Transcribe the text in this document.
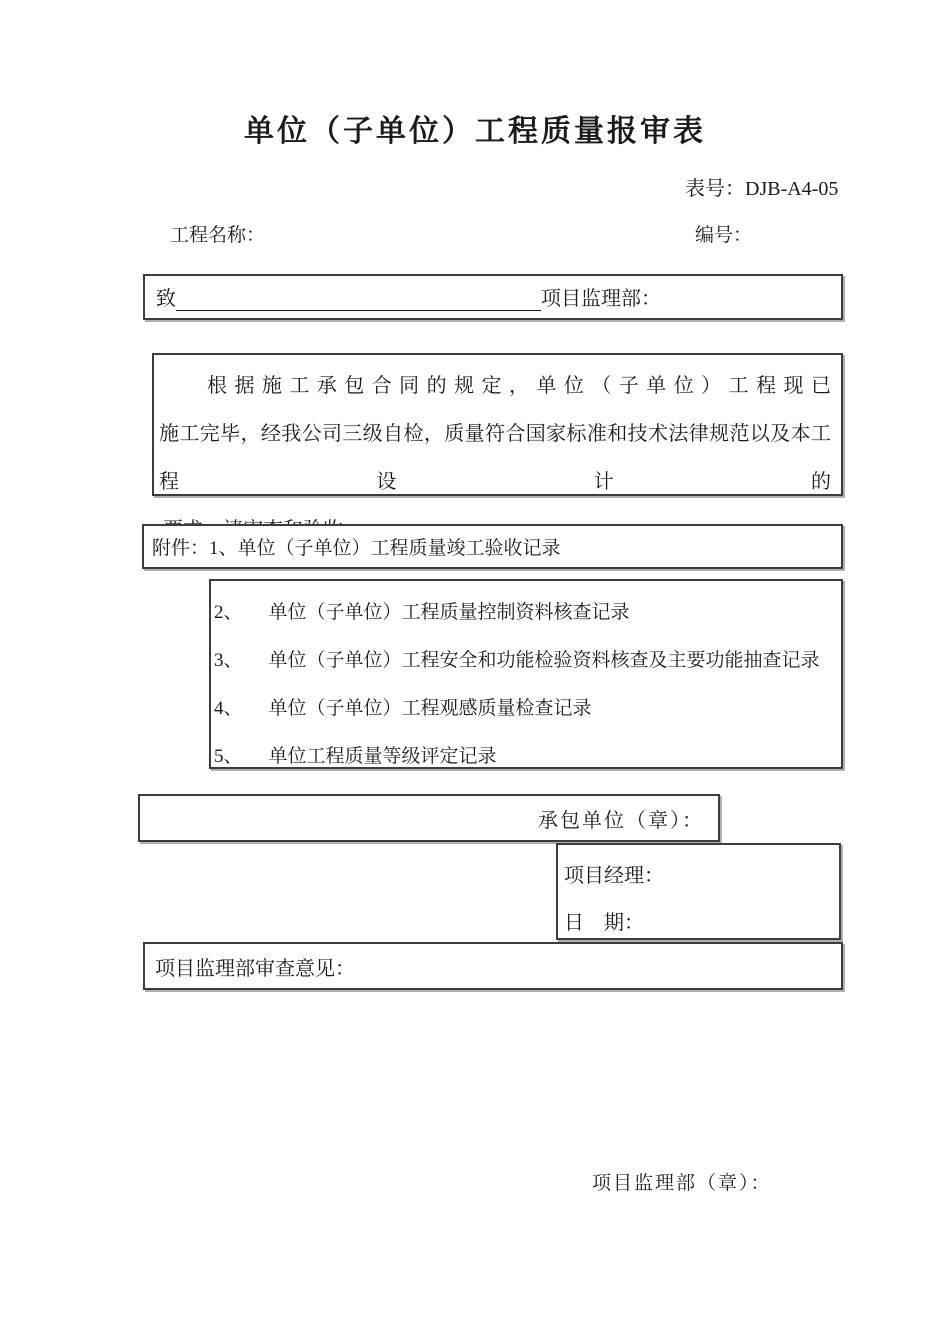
单位（子单位）工程质量报审表
表号：DJB-A4-05
工程名称：	编号：
致	项目监理部：
根 据 施 工 承 包 合 同 的 规 定 ， 单 位 （ 子 单 位 ） 工 程 现 已
施工完毕，经我公司三级自检，质量符合国家标准和技术法律规范以及本工程设计的
附件：1、单位（子单位）工程质量竣工验收记录
2、 单位（子单位）工程质量控制资料核查记录
3、 单位（子单位）工程安全和功能检验资料核查及主要功能抽查记录
4、 单位（子单位）工程观感质量检查记录
5、 单位工程质量等级评定记录
承包单位（章）：
项目经理：
日　期：
项目监理部审查意见：
项目监理部（章）：
